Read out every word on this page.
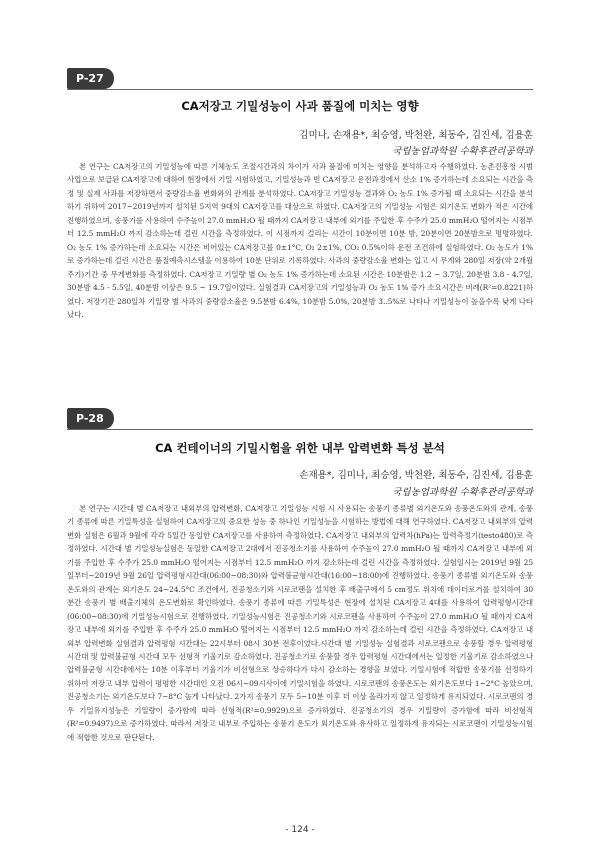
P-27
CA저장고 기밀성능이 사과 품질에 미치는 영향
김미나, 손재용*, 최승영, 박천완, 최동수, 김진세, 김용훈
국립농업과학원 수확후관리공학과

본 연구는 CA저장고의 기밀성능에 따른 기체농도 조절시간과의 차이가 사과 품질에 미치는 영향을 분석하고자 수행하였다. 농촌진흥청 시범사업으로 보급된 CA저장고에 대하여 현장에서 기밀 시험하였고, 기밀성능과 빈 CA저장고 운전과정에서 산소 1% 증가하는데 소요되는 시간을 측정 및 실제 사과를 저장하면서 중량감소율 변화와의 관계를 분석하였다. CA저장고 기밀성능 결과와 O₂ 농도 1% 증가될 때 소요되는 시간을 분석하기 위하여 2017~2019년까지 설치된 5지역 9대의 CA저장고를 대상으로 하였다. CA저장고의 기밀성능 시험은 외기온도 변화가 적은 시간에 진행하였으며, 송풍기를 사용하여 수주높이 27.0 mmH₂O 될 때까지 CA저장고 내부에 외기를 주입한 후 수주가 25.0 mmH₂O 떨어지는 시점부터 12.5 mmH₂O 까지 감소하는데 걸린 시간을 측정하였다. 이 시점까지 걸리는 시간이 10분이면 10분 밤, 20분이면 20분밤으로 명명하였다. O₂ 농도 1% 증가하는데 소요되는 시간은 비어있는 CA저장고를 0±1°C, O₂ 2±1%, CO₂ 0.5%이하 운전 조건하에 실험하였다. O₂ 농도가 1%로 증가하는데 걸린 시간은 품질예측시스템을 이용하여 10분 단위로 기록하였다. 사과의 중량감소율 변화는 입고 시 무게와 280일 저장(약 2개월 주기)기간 중 무게변화를 측정하였다. CA저장고 기밀량 별 O₂ 농도 1% 증가하는데 소요된 시간은 10분밤은 1.2 ~ 3.7일, 20분밤 3.8 - 4.7일, 30분밤 4.5 - 5.5일, 40분밤 이상은 9.5 ~ 19.7일이었다. 실험결과 CA저장고의 기밀성능과 O₂ 농도 1% 증가 소요시간은 비례(R²=0.8221)하였다. 저장기간 280일차 기밀량 별 사과의 중량감소율은 9.5분밤 6.4%, 10분밤 5.0%, 20분밤 3..5%로 나타나 기밀성능이 높을수록 낮게 나타났다.

P-28
CA 컨테이너의 기밀시험을 위한 내부 압력변화 특성 분석
손재용*, 김미나, 최승영, 박천완, 최동수, 김진세, 김용훈
국립농업과학원 수확후관리공학과

본 연구는 시간대 별 CA저장고 내외부의 압력변화, CA저장고 기밀성능 시험 시 사용되는 송풍기 종류별 외기온도와 송풍온도와의 관계, 송풍기 종류에 따른 기밀특성을 실험하여 CA저장고의 중요한 성능 중 하나인 기밀성능을 시험하는 방법에 대해 연구하였다. CA저장고 내외부의 압력변화 실험은 6월과 9월에 각각 5일간 동일한 CA저장고를 사용하여 측정하였다. CA저장고 내외부의 압력차(hPa)는 압력측정기(testo480)로 측정하였다. 시간대 별 기밀성능실험은 동일한 CA저장고 2대에서 진공청소기를 사용하여 수주높이 27.0 mmH₂O 될 때까지 CA저장고 내부에 외기를 주입한 후 수주가 25.0 mmH₂O 떨어지는 시점부터 12.5 mmH₂O 까지 감소하는데 걸린 시간을 측정하였다. 실험일시는 2019년 9월 25일부터~2019년 9월 26일 압력평형시간대(06:00~08:30)와 압력불균형시간대(16:00~18:00)에 진행하였다. 송풍기 종류별 외기온도와 송풍온도와의 관계는 외기온도 24~24.5°C 조건에서, 진공청소기와 시로코팬을 설치한 후 배출구에서 5 cm정도 위치에 데이터로거를 설치하여 30분간 송풍기 별 배출기체의 온도변화로 확인하였다. 송풍기 종류에 따른 기밀특성은 현장에 설치된 CA저장고 4대를 사용하여 압력평형시간대(06:00~08:30)에 기밀성능시험으로 진행하였다. 기밀성능시험은 진공청소기와 시로코팬을 사용하여 수주높이 27.0 mmH₂O 될 때까지 CA저장고 내부에 외기를 주입한 후 수주가 25.0 mmH₂O 떨어지는 시점부터 12.5 mmH₂O 까지 감소하는데 걸린 시간을 측정하였다. CA저장고 내외부 압력변화 실험결과 압력평형 시간대는 22시부터 08시 30분 전후이었다.시간대 별 기밀성능 실험결과 시로코팬으로 송풍할 경우 압력평형 시간대 및 압력불균형 시간대 모두 선형적 기울기로 감소하였다. 진공청소기로 송풍할 경우 압력평형 시간대에서는 일정한 기울기로 감소하였으나 압력불균형 시간대에서는 10분 이후부터 기울기가 비선형으로 상승하다가 다시 감소하는 경향을 보였다. 기밀시험에 적합한 송풍기를 선정하기 위하여 저장고 내부 압력이 평평한 시간대인 오전 06시~09시사이에 기밀시험을 하였다. 시로코팬의 송풍온도는 외기온도보다 1~2°C 높았으며, 진공청소기는 외기온도보다 7~8°C 높게 나타났다. 2가지 송풍기 모두 5~10분 이후 더 이상 올라가지 않고 일정하게 유지되었다. 시로코팬의 경우 기밀유지성능은 기밀량이 증가함에 따라 선형적(R²=0.9929)으로 증가하였다. 진공청소기의 경우 기밀량이 증가함에 따라 비선형적(R²=0.9497)으로 증가하였다. 따라서 저장고 내부로 주입하는 송풍기 온도가 외기온도와 유사하고 일정하게 유지되는 시로코팬이 기밀성능시험에 적합한 것으로 판단된다.

- 124 -
